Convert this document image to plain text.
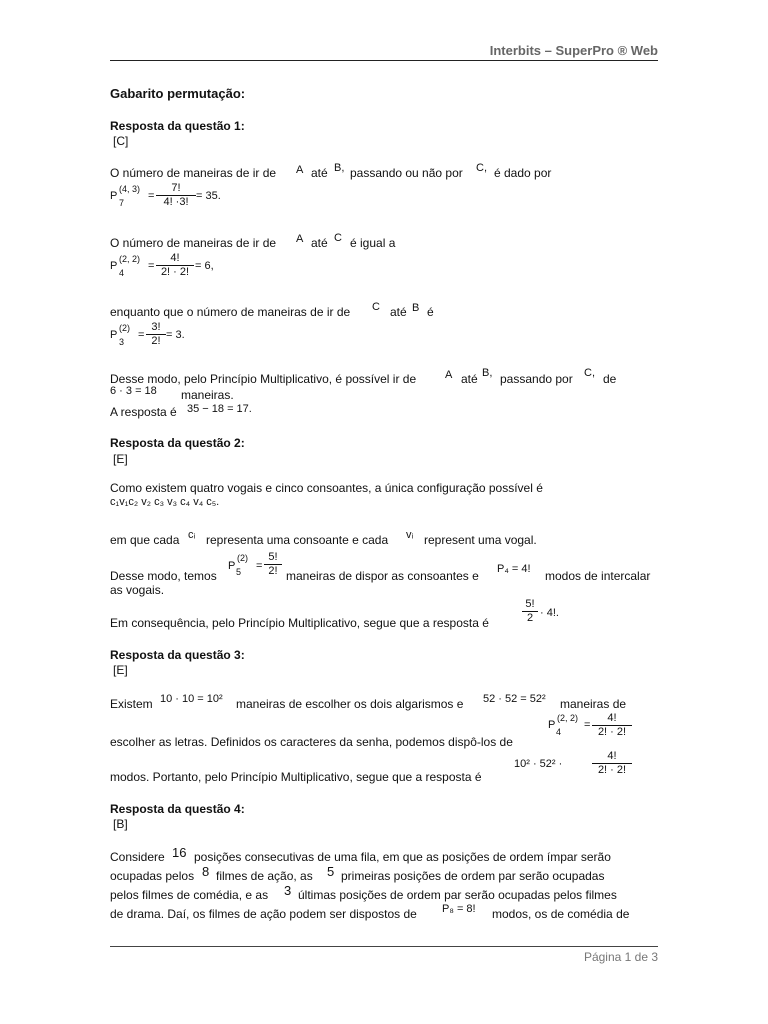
Interbits – SuperPro ® Web
Gabarito permutação:
Resposta da questão 1:
[C]
O número de maneiras de ir de A até B, passando ou não por C, é dado por
P
(4, 3)
7
= $\frac{7!}{4! \cdot 3!} = 35$.
O número de maneiras de ir de A até C é igual a
P
(2, 2)
4
= $\frac{4!}{2! \cdot 2!} = 6$,
enquanto que o número de maneiras de ir de C até B é
P
(2)
3
= $\frac{3!}{2!} = 3$.
Desse modo, pelo Princípio Multiplicativo, é possível ir de	A até B, passando por C, de
6 · 3 = 18 maneiras.
A resposta é 35 − 18 = 17.
Resposta da questão 2:
[E]
Como existem quatro vogais e cinco consoantes, a única configuração possível é
c₁v₁c₂ v₂ c₃ v₃ c₄ v₄ c₅.
em que cada cᵢ representa uma consoante e cada vᵢ represent uma vogal.
Desse modo, temos
P
(2)
$5 = \frac{5!}{2!}$ maneiras de dispor as consoantes e P₄ = 4! modos de intercalar
as vogais.
Em consequência, pelo Princípio Multiplicativo, segue que a resposta é	$\frac{5!}{2} \cdot 4$!.
Resposta da questão 3:
[E]
Existem 10 · 10 = 10² maneiras de escolher os dois algarismos e 52 · 52 = 52² maneiras de
P
(2, 2)
4
= $\frac{4!}{2! \cdot 2!}$
escolher as letras. Definidos os caracteres da senha, podemos dispô-los de
modos. Portanto, pelo Princípio Multiplicativo, segue que a resposta é
10² · 52² ·	$\frac{4!}{2! \cdot 2!}$
Resposta da questão 4:
[B]
Considere 16 posições consecutivas de uma fila, em que as posições de ordem ímpar serão
ocupadas pelos 8 filmes de ação, as 5 primeiras posições de ordem par serão ocupadas
pelos filmes de comédia, e as 3 últimas posições de ordem par serão ocupadas pelos filmes
de drama. Daí, os filmes de ação podem ser dispostos de P₈ = 8! modos, os de comédia de
Página 1 de 3
